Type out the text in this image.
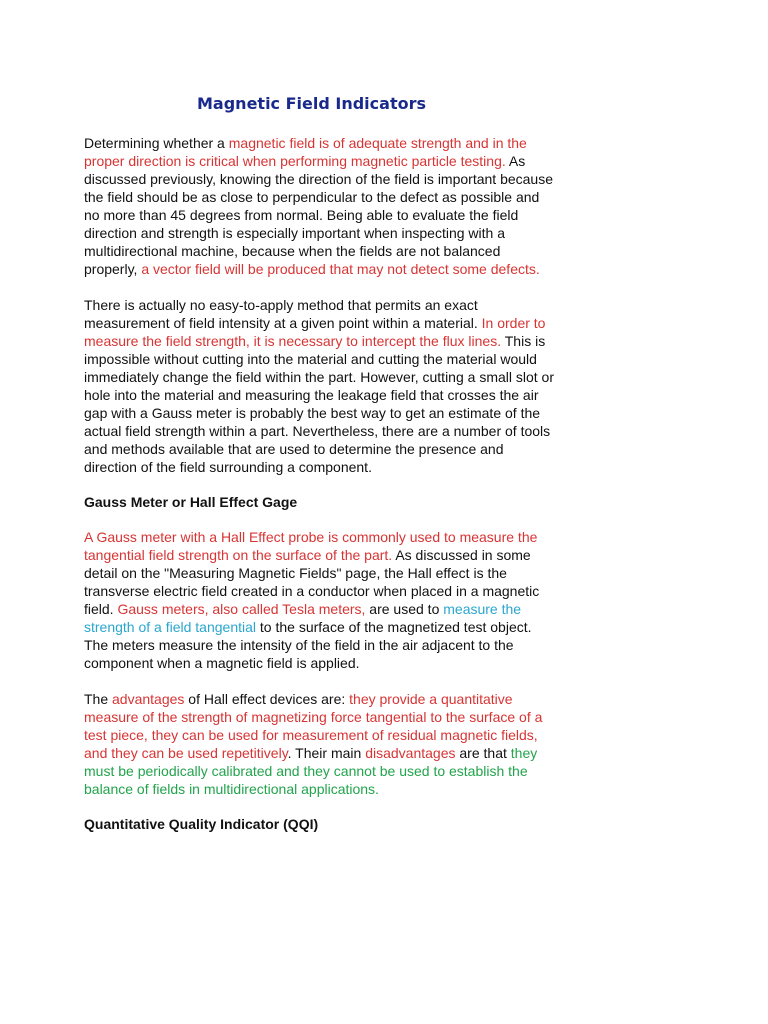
Magnetic Field Indicators

Determining whether a magnetic field is of adequate strength and in the proper direction is critical when performing magnetic particle testing. As discussed previously, knowing the direction of the field is important because the field should be as close to perpendicular to the defect as possible and no more than 45 degrees from normal. Being able to evaluate the field direction and strength is especially important when inspecting with a multidirectional machine, because when the fields are not balanced properly, a vector field will be produced that may not detect some defects.

There is actually no easy-to-apply method that permits an exact measurement of field intensity at a given point within a material. In order to measure the field strength, it is necessary to intercept the flux lines. This is impossible without cutting into the material and cutting the material would immediately change the field within the part. However, cutting a small slot or hole into the material and measuring the leakage field that crosses the air gap with a Gauss meter is probably the best way to get an estimate of the actual field strength within a part. Nevertheless, there are a number of tools and methods available that are used to determine the presence and direction of the field surrounding a component.

Gauss Meter or Hall Effect Gage

A Gauss meter with a Hall Effect probe is commonly used to measure the tangential field strength on the surface of the part. As discussed in some detail on the "Measuring Magnetic Fields" page, the Hall effect is the transverse electric field created in a conductor when placed in a magnetic field. Gauss meters, also called Tesla meters, are used to measure the strength of a field tangential to the surface of the magnetized test object. The meters measure the intensity of the field in the air adjacent to the component when a magnetic field is applied.

The advantages of Hall effect devices are: they provide a quantitative measure of the strength of magnetizing force tangential to the surface of a test piece, they can be used for measurement of residual magnetic fields, and they can be used repetitively. Their main disadvantages are that they must be periodically calibrated and they cannot be used to establish the balance of fields in multidirectional applications.

Quantitative Quality Indicator (QQI)
